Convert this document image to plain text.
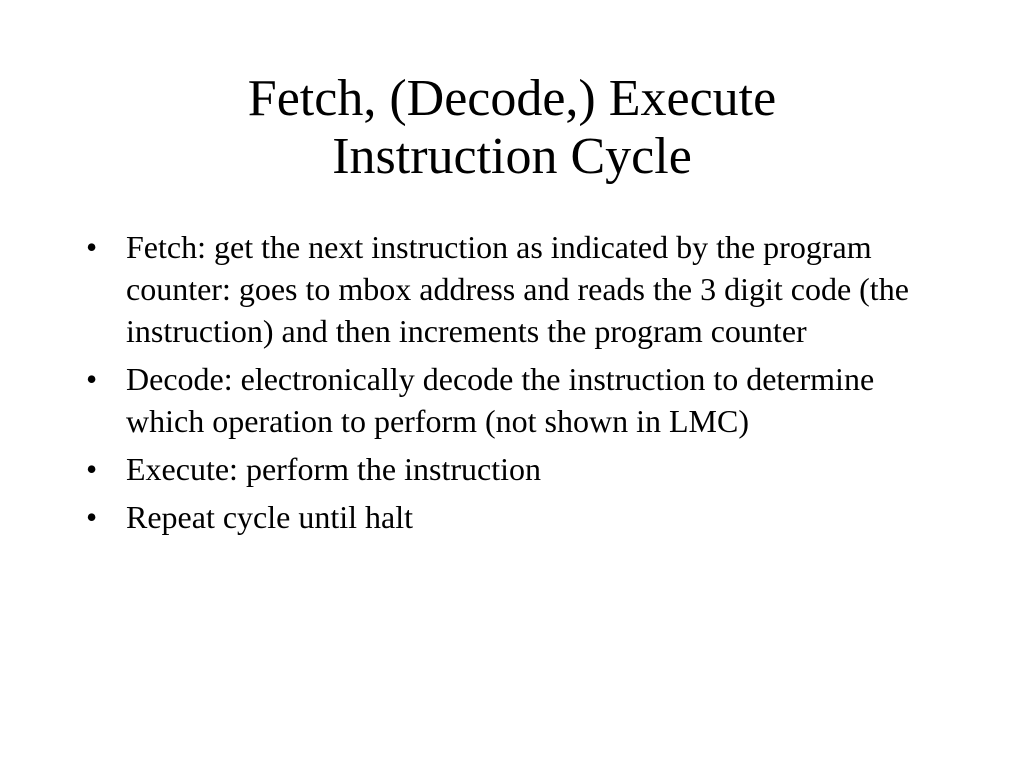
Fetch, (Decode,) Execute
Instruction Cycle
• Fetch: get the next instruction as indicated by the program counter: goes to mbox address and reads the 3 digit code (the instruction) and then increments the program counter
• Decode: electronically decode the instruction to determine which operation to perform (not shown in LMC)
• Execute: perform the instruction
• Repeat cycle until halt
